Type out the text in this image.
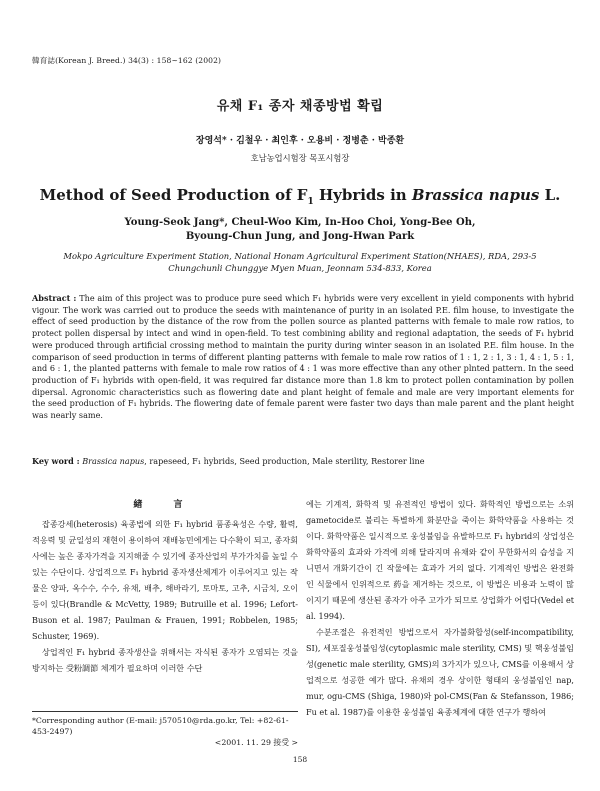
韓育誌(Korean J. Breed.) 34(3) : 158~162 (2002)
유채 F₁ 종자 채종방법 확립
장영석* · 김철우 · 최인후 · 오용비 · 정병춘 · 박종환
호남농업시험장 목포시험장
Method of Seed Production of $F_1$ Hybrids in Brassica napus L.
Young-Seok Jang*, Cheul-Woo Kim, In-Hoo Choi, Yong-Bee Oh,
Byoung-Chun Jung, and Jong-Hwan Park
Mokpo Agriculture Experiment Station, National Honam Agricultural Experiment Station(NHAES), RDA, 293-5
Chungchunli Chunggye Myen Muan, Jeonnam 534-833, Korea
Abstract : The aim of this project was to produce pure seed which F₁ hybrids were very excellent in yield components with hybrid vigour. The work was carried out to produce the seeds with maintenance of purity in an isolated P.E. film house, to investigate the effect of seed production by the distance of the row from the pollen source as planted patterns with female to male row ratios, to protect pollen dispersal by intect and wind in open-field. To test combining ability and regional adaptation, the seeds of F₁ hybrid were produced through artificial crossing method to maintain the purity during winter season in an isolated P.E. film house. In the comparison of seed production in terms of different planting patterns with female to male row ratios of 1 : 1, 2 : 1, 3 : 1, 4 : 1, 5 : 1, and 6 : 1, the planted patterns with female to male row ratios of 4 : 1 was more effective than any other plnted pattern. In the seed production of F₁ hybrids with open-field, it was required far distance more than 1.8 km to protect pollen contamination by pollen dipersal. Agronomic characteristics such as flowering date and plant height of female and male are very important elements for the seed production of F₁ hybrids. The flowering date of female parent were faster two days than male parent and the plant height was nearly same.
Key word : Brassica napus, rapeseed, F₁ hybrids, Seed production, Male sterility, Restorer line
緖 言

잡종강세(heterosis) 육종법에 의한 F₁ hybrid 품종육성은 수량, 활력, 적응력 및 균일성의 재현이 용이하여 재배농민에게는 다수확이 되고, 종자회사에는 높은 종자가격을 지지해줄 수 있기에 종자산업의 부가가치를 높일 수 있는 수단이다. 상업적으로 F₁ hybrid 종자생산체계가 이루어지고 있는 작물은 양파, 옥수수, 수수, 유채, 배추, 해바라기, 토마토, 고추, 시금치, 오이 등이 있다(Brandle & McVetty, 1989; Butruille et al. 1996; Lefort-Buson et al. 1987; Paulman & Frauen, 1991; Robbelen, 1985; Schuster, 1969).

상업적인 F₁ hybrid 종자생산을 위해서는 자식된 종자가 오염되는 것을 방지하는 受粉調節 체계가 필요하며 이러한 수단

에는 기계적, 화학적 및 유전적인 방법이 있다. 화학적인 방법으로는 소위 gametocide로 불리는 특별하게 화분만을 죽이는 화학약품을 사용하는 것이다. 화학약품은 일시적으로 웅성불임을 유발하므로 F₁ hybrid의 상업성은 화학약품의 효과와 가격에 의해 달라지며 유채와 같이 무한화서의 습성을 지니면서 개화기간이 긴 작물에는 효과가 거의 없다. 기계적인 방법은 완전화인 식물에서 인위적으로 葯을 제거하는 것으로, 이 방법은 비용과 노력이 많이지기 때문에 생산된 종자가 아주 고가가 되므로 상업화가 어렵다(Vedel et al. 1994).

수분조절은 유전적인 방법으로서 자가불화합성(self-incompatibility, SI), 세포질웅성불임성(cytoplasmic male sterility, CMS) 및 핵웅성불임성(genetic male sterility, GMS)의 3가지가 있으나, CMS를 이용해서 상업적으로 성공한 예가 많다. 유채의 경우 상이한 형태의 웅성불임인 nap, mur, ogu-CMS (Shiga, 1980)와 pol-CMS(Fan & Stefansson, 1986; Fu et al. 1987)를 이용한 웅성불임 육종체계에 대한 연구가 행하여

*Corresponding author (E-mail: j570510@rda.go.kr, Tel: +82-61-453-2497)
<2001. 11. 29 接受 >
158
